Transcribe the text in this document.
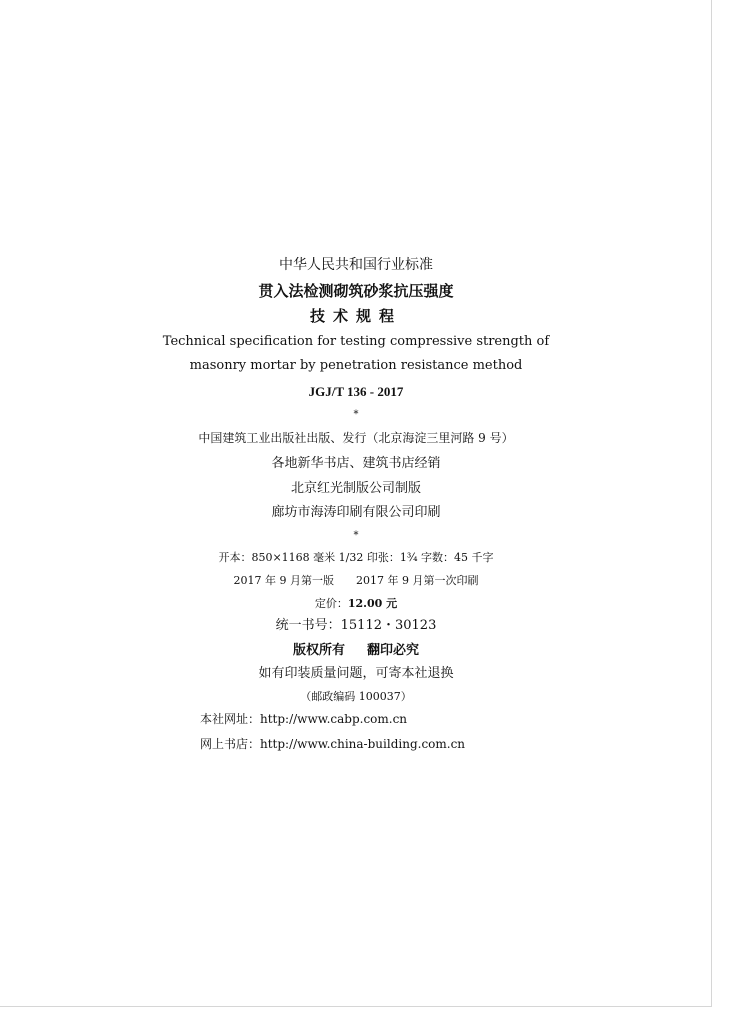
中华人民共和国行业标准
贯入法检测砌筑砂浆抗压强度
技术规程
Technical specification for testing compressive strength of
masonry mortar by penetration resistance method
JGJ/T 136 - 2017
*
中国建筑工业出版社出版、发行（北京海淀三里河路 9 号）
各地新华书店、建筑书店经销
北京红光制版公司制版
廊坊市海涛印刷有限公司印刷
*
开本：850×1168 毫米 1/32 印张：1¾ 字数：45 千字
2017 年 9 月第一版 2017 年 9 月第一次印刷
定价：12.00 元
统一书号：15112・30123
版权所有 翻印必究
如有印装质量问题，可寄本社退换
（邮政编码 100037）
本社网址：http://www.cabp.com.cn
网上书店：http://www.china-building.com.cn
